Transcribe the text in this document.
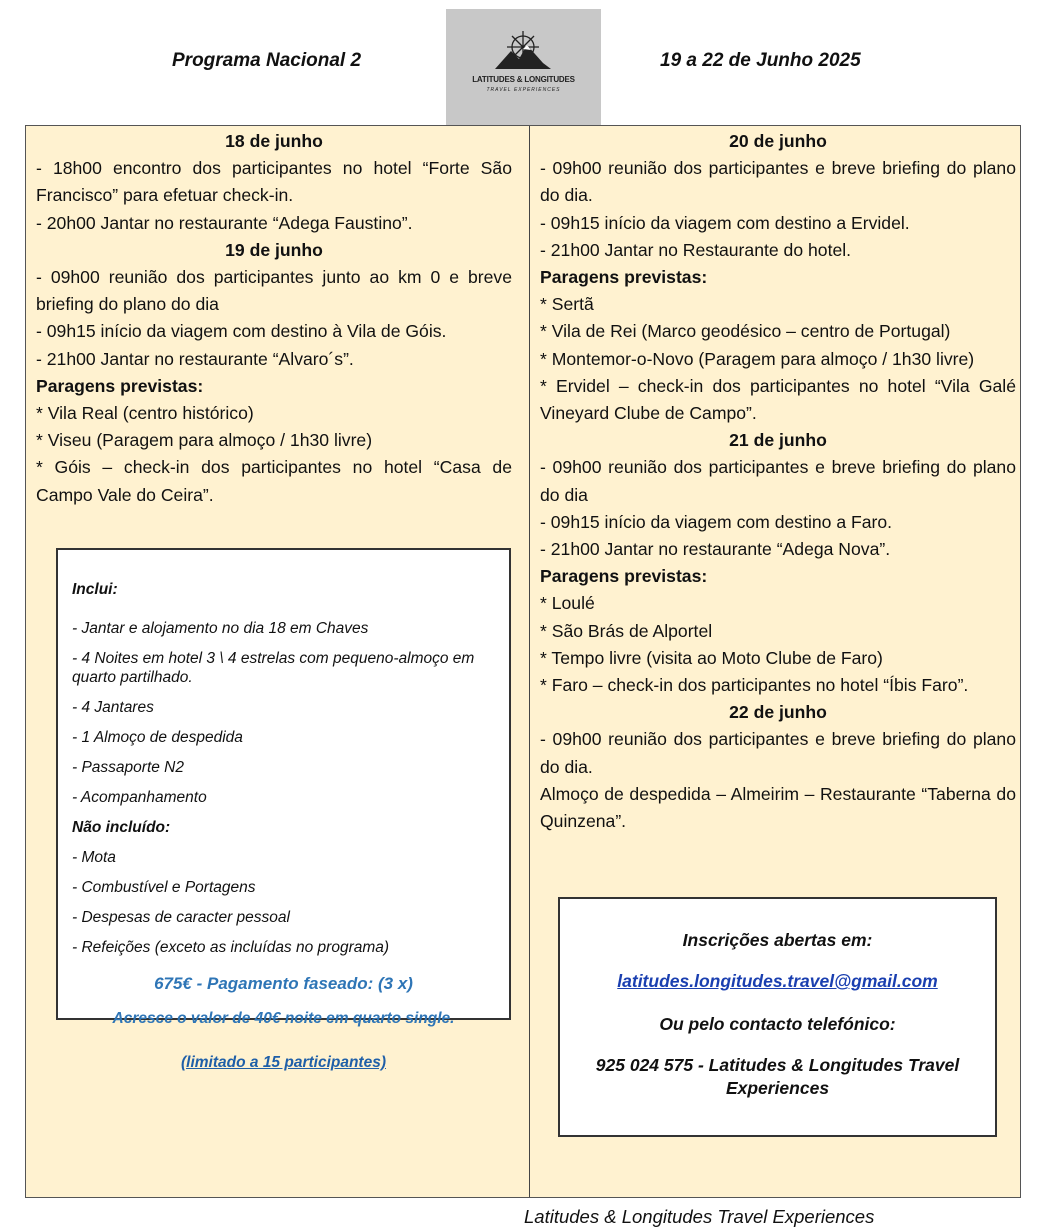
Programa Nacional 2
LATITUDES & LONGITUDES
TRAVEL EXPERIENCES
19 a 22 de Junho 2025

18 de junho

- 18h00 encontro dos participantes no hotel “Forte São Francisco” para efetuar check-in.

- 20h00 Jantar no restaurante “Adega Faustino”.

19 de junho

- 09h00 reunião dos participantes junto ao km 0 e breve briefing do plano do dia

- 09h15 início da viagem com destino à Vila de Góis.

- 21h00 Jantar no restaurante “Alvaro´s”.

Paragens previstas:

* Vila Real (centro histórico)

* Viseu (Paragem para almoço / 1h30 livre)

* Góis – check-in dos participantes no hotel “Casa de Campo Vale do Ceira”.

Inclui:
- Jantar e alojamento no dia 18 em Chaves
- 4 Noites em hotel 3 \ 4 estrelas com pequeno-almoço em quarto partilhado.
- 4 Jantares
- 1 Almoço de despedida
- Passaporte N2
- Acompanhamento
Não incluído:
- Mota
- Combustível e Portagens
- Despesas de caracter pessoal
- Refeições (exceto as incluídas no programa)
675€ - Pagamento faseado: (3 x)
Acresce o valor de 40€ noite em quarto single.
(limitado a 15 participantes)

20 de junho

- 09h00 reunião dos participantes e breve briefing do plano do dia.

- 09h15 início da viagem com destino a Ervidel.

- 21h00 Jantar no Restaurante do hotel.

Paragens previstas:

* Sertã

* Vila de Rei (Marco geodésico – centro de Portugal)

* Montemor-o-Novo (Paragem para almoço / 1h30 livre)

* Ervidel – check-in dos participantes no hotel “Vila Galé Vineyard Clube de Campo”.

21 de junho

- 09h00 reunião dos participantes e breve briefing do plano do dia

- 09h15 início da viagem com destino a Faro.

- 21h00 Jantar no restaurante “Adega Nova”.

Paragens previstas:

* Loulé

* São Brás de Alportel

* Tempo livre (visita ao Moto Clube de Faro)

* Faro – check-in dos participantes no hotel “Íbis Faro”.

22 de junho

- 09h00 reunião dos participantes e breve briefing do plano do dia.

Almoço de despedida – Almeirim – Restaurante “Taberna do Quinzena”.

Inscrições abertas em:
latitudes.longitudes.travel@gmail.com
Ou pelo contacto telefónico:
925 024 575 - Latitudes & Longitudes Travel Experiences
Latitudes & Longitudes Travel Experiences
